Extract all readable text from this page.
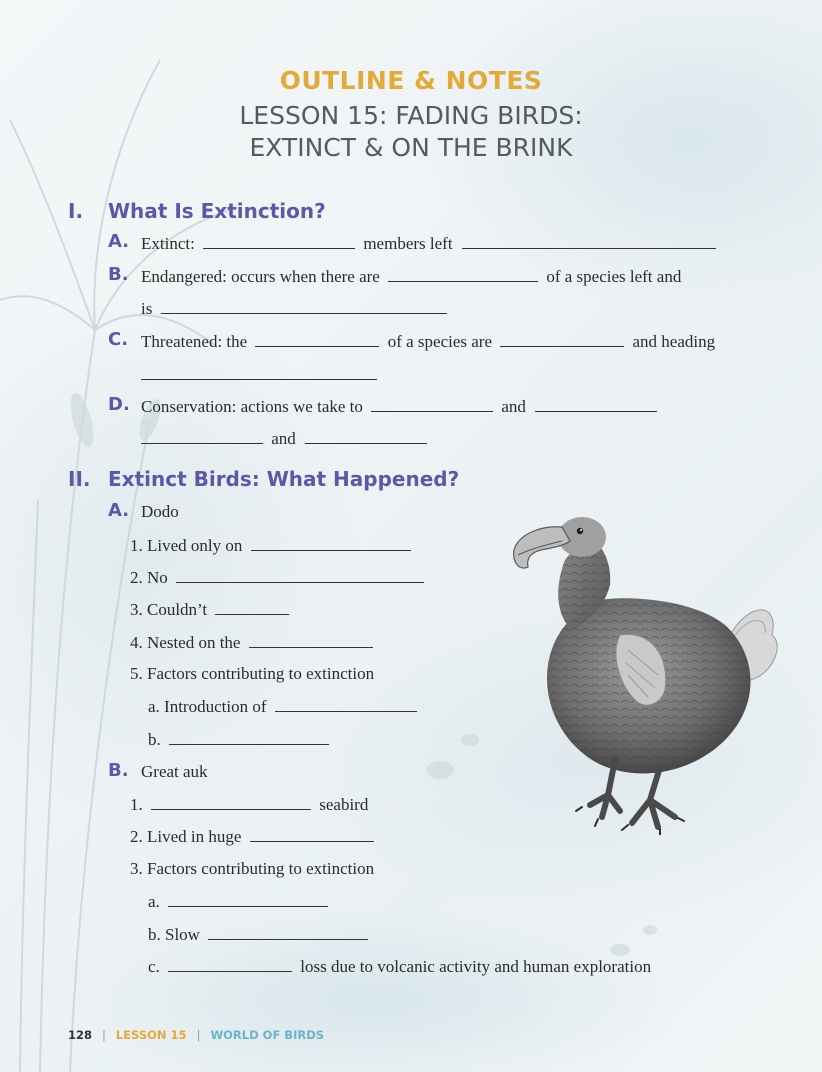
OUTLINE & NOTES
LESSON 15: FADING BIRDS:
EXTINCT & ON THE BRINK
I. What Is Extinction?
A. Extinct:	members left
B. Endangered: occurs when there are	of a species left and
is
C. Threatened: the	of a species are	and heading
D. Conservation: actions we take to	and
and
II. Extinct Birds: What Happened?
A. Dodo
1. Lived only on
2. No
3. Couldn’t
4. Nested on the
5. Factors contributing to extinction
a. Introduction of
b.
B. Great auk
1.	seabird
2. Lived in huge
3. Factors contributing to extinction
a.
b. Slow
c.	loss due to volcanic activity and human exploration
128 | LESSON 15 | WORLD OF BIRDS
